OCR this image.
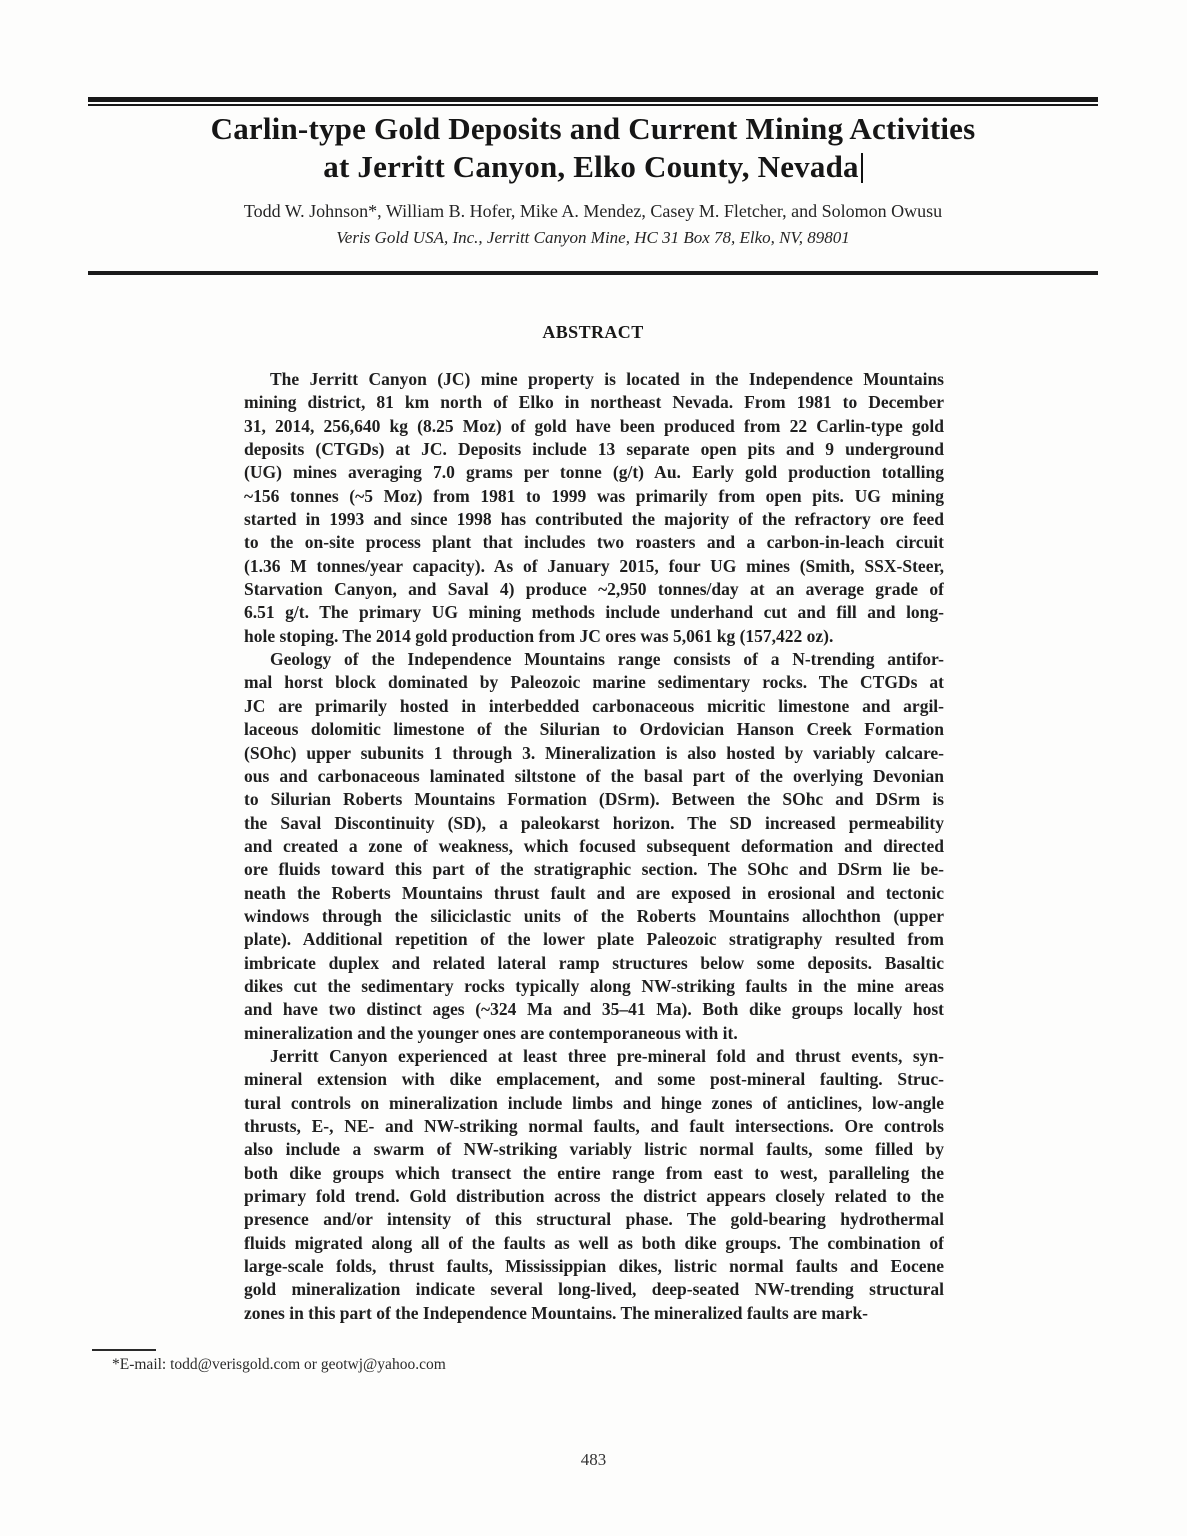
Carlin-type Gold Deposits and Current Mining Activities
at Jerritt Canyon, Elko County, Nevada
Todd W. Johnson*, William B. Hofer, Mike A. Mendez, Casey M. Fletcher, and Solomon Owusu
Veris Gold USA, Inc., Jerritt Canyon Mine, HC 31 Box 78, Elko, NV, 89801
ABSTRACT
The Jerritt Canyon (JC) mine property is located in the Independence Mountains
mining district, 81 km north of Elko in northeast Nevada. From 1981 to December
31, 2014, 256,640 kg (8.25 Moz) of gold have been produced from 22 Carlin-type gold
deposits (CTGDs) at JC. Deposits include 13 separate open pits and 9 underground
(UG) mines averaging 7.0 grams per tonne (g/t) Au. Early gold production totalling
~156 tonnes (~5 Moz) from 1981 to 1999 was primarily from open pits. UG mining
started in 1993 and since 1998 has contributed the majority of the refractory ore feed
to the on-site process plant that includes two roasters and a carbon-in-leach circuit
(1.36 M tonnes/year capacity). As of January 2015, four UG mines (Smith, SSX-Steer,
Starvation Canyon, and Saval 4) produce ~2,950 tonnes/day at an average grade of
6.51 g/t. The primary UG mining methods include underhand cut and fill and long-
hole stoping. The 2014 gold production from JC ores was 5,061 kg (157,422 oz).
Geology of the Independence Mountains range consists of a N-trending antifor-
mal horst block dominated by Paleozoic marine sedimentary rocks. The CTGDs at
JC are primarily hosted in interbedded carbonaceous micritic limestone and argil-
laceous dolomitic limestone of the Silurian to Ordovician Hanson Creek Formation
(SOhc) upper subunits 1 through 3. Mineralization is also hosted by variably calcare-
ous and carbonaceous laminated siltstone of the basal part of the overlying Devonian
to Silurian Roberts Mountains Formation (DSrm). Between the SOhc and DSrm is
the Saval Discontinuity (SD), a paleokarst horizon. The SD increased permeability
and created a zone of weakness, which focused subsequent deformation and directed
ore fluids toward this part of the stratigraphic section. The SOhc and DSrm lie be-
neath the Roberts Mountains thrust fault and are exposed in erosional and tectonic
windows through the siliciclastic units of the Roberts Mountains allochthon (upper
plate). Additional repetition of the lower plate Paleozoic stratigraphy resulted from
imbricate duplex and related lateral ramp structures below some deposits. Basaltic
dikes cut the sedimentary rocks typically along NW-striking faults in the mine areas
and have two distinct ages (~324 Ma and 35–41 Ma). Both dike groups locally host
mineralization and the younger ones are contemporaneous with it.
Jerritt Canyon experienced at least three pre-mineral fold and thrust events, syn-
mineral extension with dike emplacement, and some post-mineral faulting. Struc-
tural controls on mineralization include limbs and hinge zones of anticlines, low-angle
thrusts, E-, NE- and NW-striking normal faults, and fault intersections. Ore controls
also include a swarm of NW-striking variably listric normal faults, some filled by
both dike groups which transect the entire range from east to west, paralleling the
primary fold trend. Gold distribution across the district appears closely related to the
presence and/or intensity of this structural phase. The gold-bearing hydrothermal
fluids migrated along all of the faults as well as both dike groups. The combination of
large-scale folds, thrust faults, Mississippian dikes, listric normal faults and Eocene
gold mineralization indicate several long-lived, deep-seated NW-trending structural
zones in this part of the Independence Mountains. The mineralized faults are mark-
*E-mail: todd@verisgold.com or geotwj@yahoo.com
483
